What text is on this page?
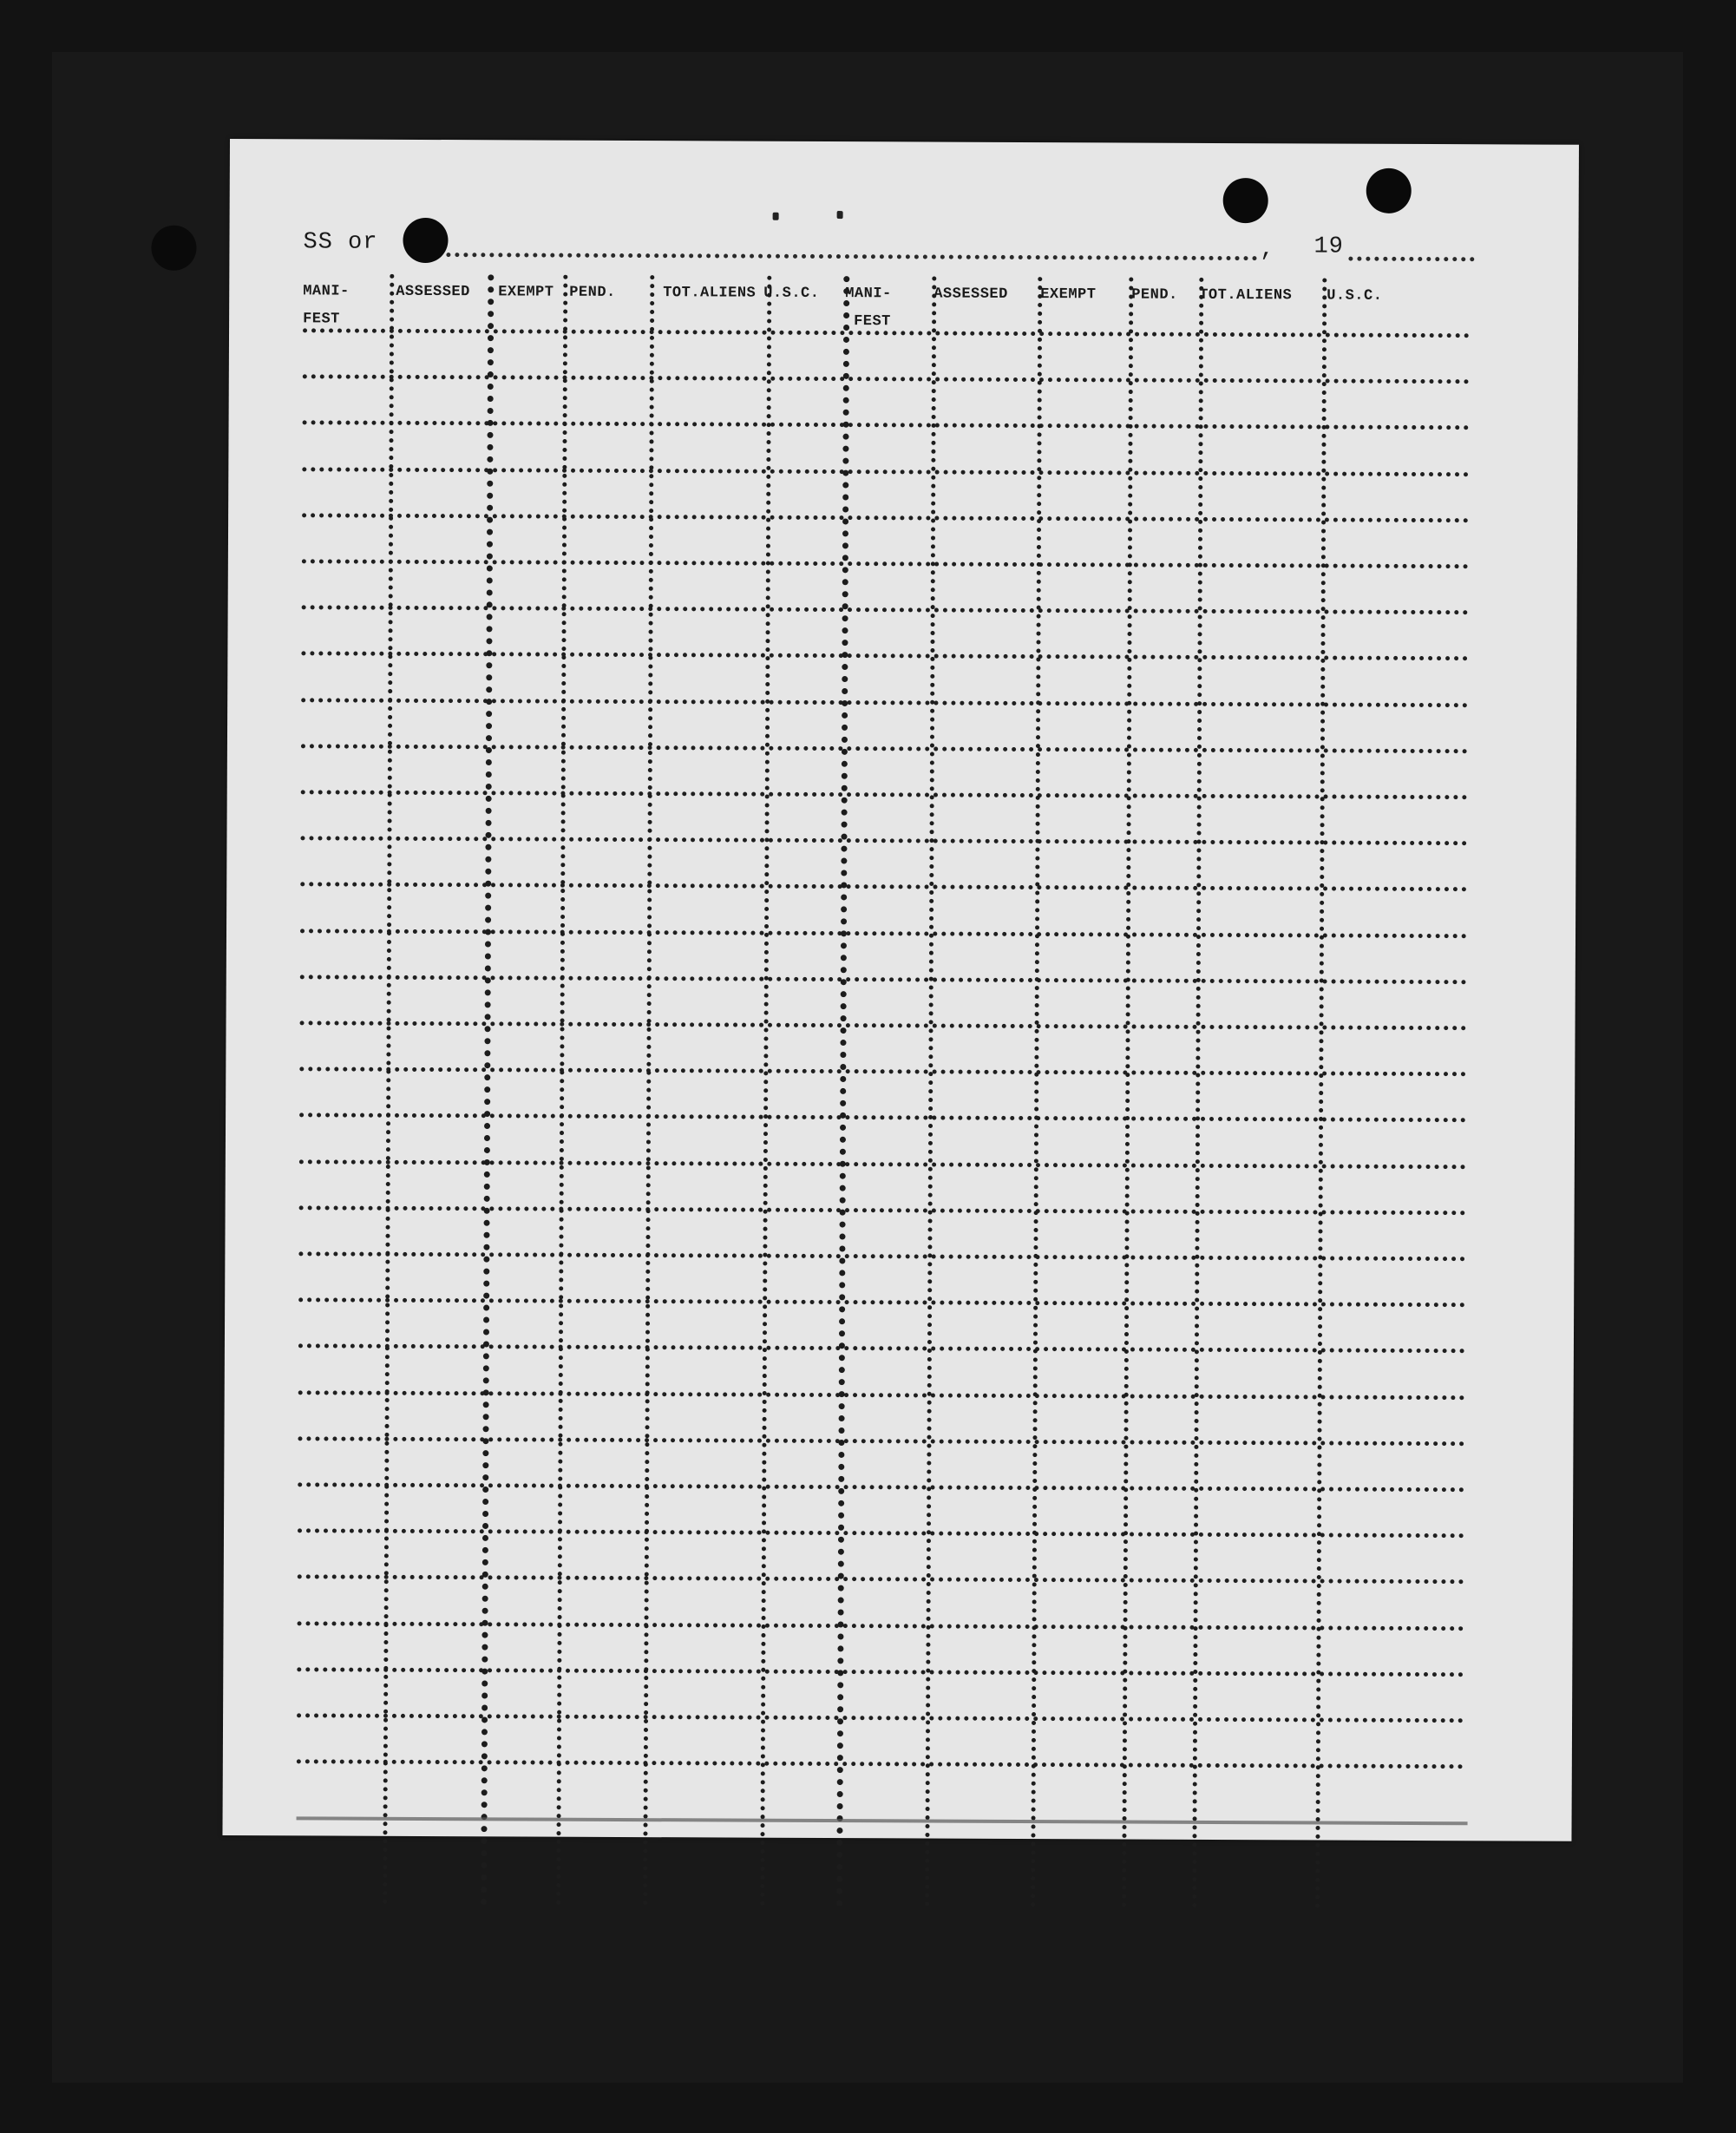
SS or	, 19
MANI-
FEST
ASSESSED EXEMPT PEND.	TOT.ALIENS U.S.C. MANI-
FEST
ASSESSED EXEMPT PEND. TOT.ALIENS U.S.C.
